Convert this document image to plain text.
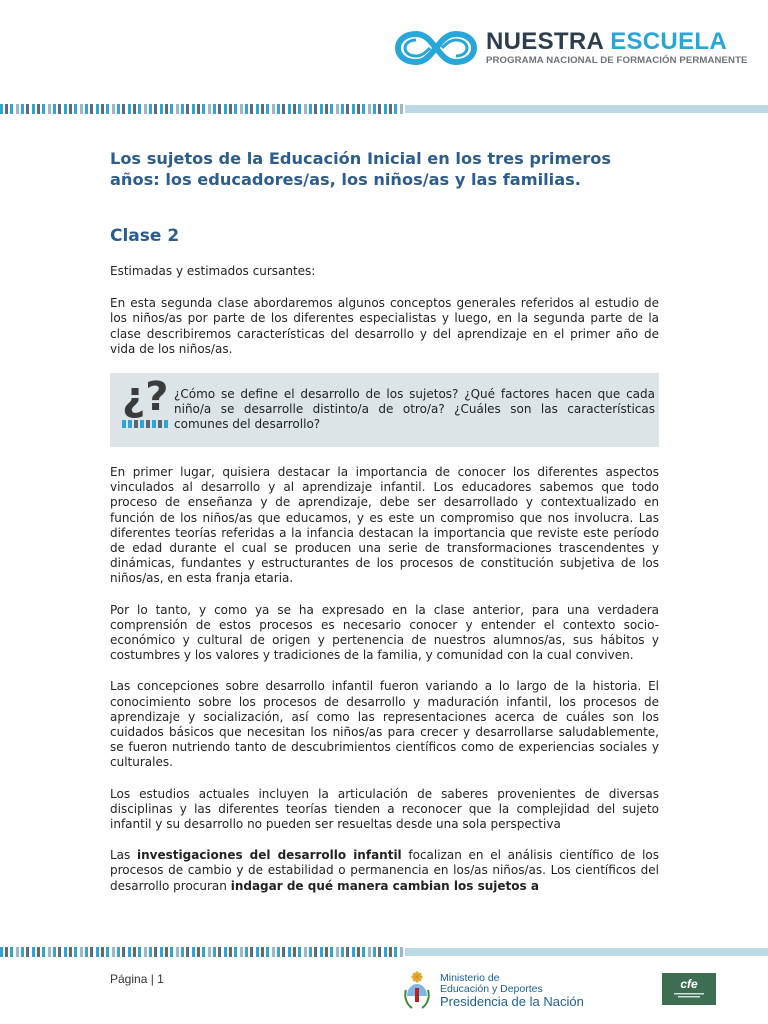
NUESTRA ESCUELA
PROGRAMA NACIONAL DE FORMACIÓN PERMANENTE
Los sujetos de la Educación Inicial en los tres primeros años: los educadores/as, los niños/as y las familias.
Clase 2

Estimadas y estimados cursantes:

En esta segunda clase abordaremos algunos conceptos generales referidos al estudio de los niños/as por parte de los diferentes especialistas y luego, en la segunda parte de la clase describiremos características del desarrollo y del aprendizaje en el primer año de vida de los niños/as.

¿? ¿Cómo se define el desarrollo de los sujetos? ¿Qué factores hacen que cada niño/a se desarrolle distinto/a de otro/a? ¿Cuáles son las características comunes del desarrollo?

En primer lugar, quisiera destacar la importancia de conocer los diferentes aspectos vinculados al desarrollo y al aprendizaje infantil. Los educadores sabemos que todo proceso de enseñanza y de aprendizaje, debe ser desarrollado y contextualizado en función de los niños/as que educamos, y es este un compromiso que nos involucra. Las diferentes teorías referidas a la infancia destacan la importancia que reviste este período de edad durante el cual se producen una serie de transformaciones trascendentes y dinámicas, fundantes y estructurantes de los procesos de constitución subjetiva de los niños/as, en esta franja etaria.

Por lo tanto, y como ya se ha expresado en la clase anterior, para una verdadera comprensión de estos procesos es necesario conocer y entender el contexto socio-económico y cultural de origen y pertenencia de nuestros alumnos/as, sus hábitos y costumbres y los valores y tradiciones de la familia, y comunidad con la cual conviven.

Las concepciones sobre desarrollo infantil fueron variando a lo largo de la historia. El conocimiento sobre los procesos de desarrollo y maduración infantil, los procesos de aprendizaje y socialización, así como las representaciones acerca de cuáles son los cuidados básicos que necesitan los niños/as para crecer y desarrollarse saludablemente, se fueron nutriendo tanto de descubrimientos científicos como de experiencias sociales y culturales.

Los estudios actuales incluyen la articulación de saberes provenientes de diversas disciplinas y las diferentes teorías tienden a reconocer que la complejidad del sujeto infantil y su desarrollo no pueden ser resueltas desde una sola perspectiva

Las investigaciones del desarrollo infantil focalizan en el análisis científico de los procesos de cambio y de estabilidad o permanencia en los/as niños/as. Los científicos del desarrollo procuran indagar de qué manera cambian los sujetos a

Página | 1	Ministerio de
Educación y Deportes
Presidencia de la Nación
cfe
